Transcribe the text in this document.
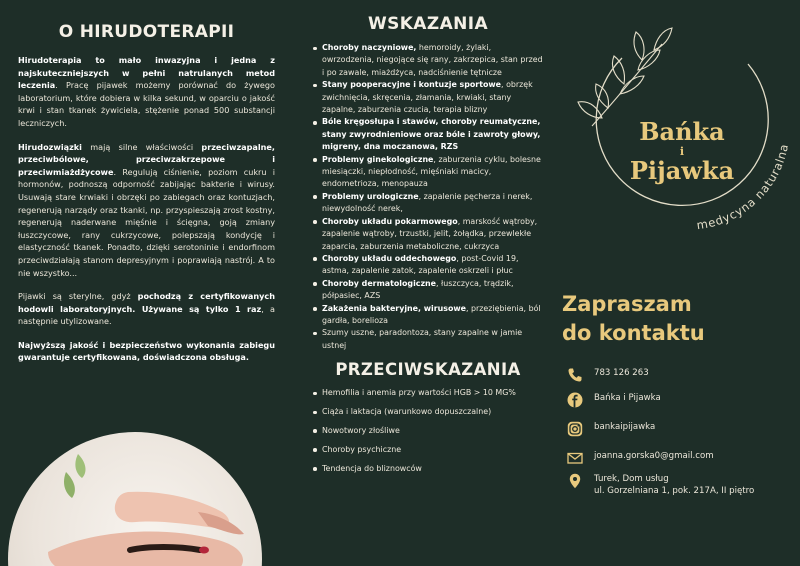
O HIRUDOTERAPII

Hirudoterapia to mało inwazyjna i jedna z najskuteczniejszych w pełni natrulanych metod leczenia. Pracę pijawek możemy porównać do żywego laboratorium, które dobiera w kilka sekund, w oparciu o jakość krwi i stan tkanek żywiciela, stężenie ponad 500 substancji leczniczych.

Hirudozwiązki mają silne właściwości przeciwzapalne, przeciwbólowe, przeciwzakrzepowe i przeciwmiażdżycowe. Regulują ciśnienie, poziom cukru i hormonów, podnoszą odporność zabijając bakterie i wirusy. Usuwają stare krwiaki i obrzęki po zabiegach oraz kontuzjach, regenerują narządy oraz tkanki, np. przyspieszają zrost kostny, regenerują naderwane mięśnie i ścięgna, goją zmiany łuszczycowe, rany cukrzycowe, polepszają kondycję i elastyczność tkanek. Ponadto, dzięki serotoninie i endorfinom przeciwdziałają stanom depresyjnym i poprawiają nastrój. A to nie wszystko...

Pijawki są sterylne, gdyż pochodzą z certyfikowanych hodowli laboratoryjnych. Używane są tylko 1 raz, a następnie utylizowane.

Najwyższą jakość i bezpieczeństwo wykonania zabiegu gwarantuje certyfikowana, doświadczona obsługa.

WSKAZANIA
Choroby naczyniowe, hemoroidy, żylaki, owrzodzenia, niegojące się rany, zakrzepica, stan przed i po zawale, miażdżyca, nadciśnienie tętnicze
Stany pooperacyjne i kontuzje sportowe, obrzęk zwichnięcia, skręcenia, złamania, krwiaki, stany zapalne, zaburzenia czucia, terapia blizny
Bóle kręgosłupa i stawów, choroby reumatyczne, stany zwyrodnieniowe oraz bóle i zawroty głowy, migreny, dna moczanowa, RZS
Problemy ginekologiczne, zaburzenia cyklu, bolesne miesiączki, niepłodność, mięśniaki macicy, endometrioza, menopauza
Problemy urologiczne, zapalenie pęcherza i nerek, niewydolność nerek,
Choroby układu pokarmowego, marskość wątroby, zapalenie wątroby, trzustki, jelit, żołądka, przewlekłe zaparcia, zaburzenia metaboliczne, cukrzyca
Choroby układu oddechowego, post-Covid 19, astma, zapalenie zatok, zapalenie oskrzeli i płuc
Choroby dermatologiczne, łuszczyca, trądzik, półpasiec, AZS
Zakażenia bakteryjne, wirusowe, przeziębienia, ból gardła, borelioza
Szumy uszne, paradontoza, stany zapalne w jamie ustnej
PRZECIWSKAZANIA
Hemofilia i anemia przy wartości HGB > 10 MG%
Ciąża i laktacja (warunkowo dopuszczalne)
Nowotwory złośliwe
Choroby psychiczne
Tendencja do bliznowców
medycyna naturalna
Bańka
i
Pijawka
Zapraszam
do kontaktu
783 126 263
Bańka i Pijawka
bankaipijawka
joanna.gorska0@gmail.com
Turek, Dom usług
ul. Gorzelniana 1, pok. 217A, II piętro
